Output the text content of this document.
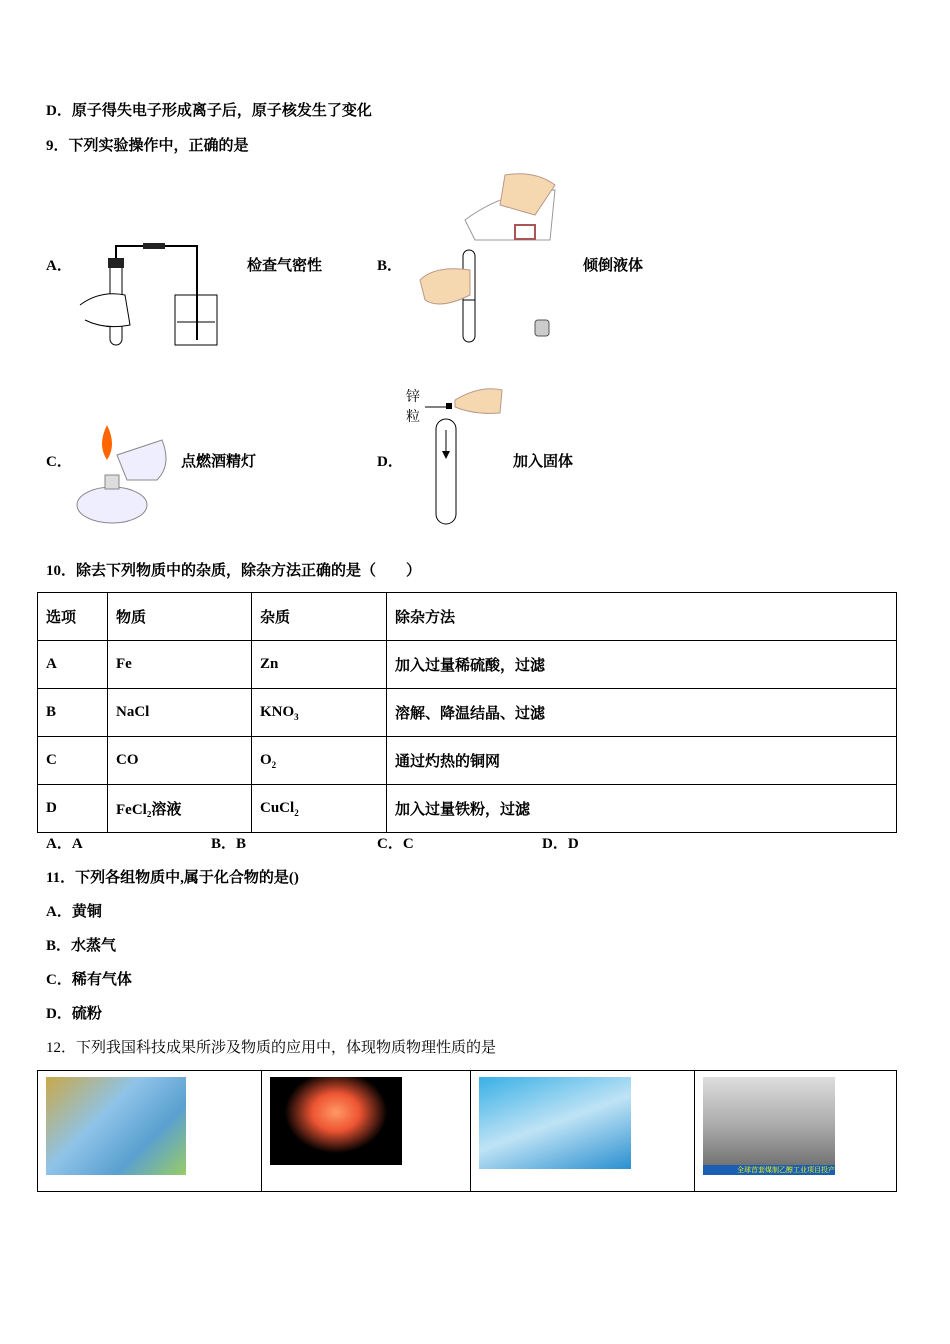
D．原子得失电子形成离子后，原子核发生了变化
9．下列实验操作中，正确的是
A．	检查气密性	B．	倾倒液体
C．	点燃酒精灯	D．
锌粒
加入固体
10．除去下列物质中的杂质，除杂方法正确的是（　　）
选项	物质	杂质	除杂方法
A	Fe	Zn	加入过量稀硫酸，过滤
B	NaCl	$KNO_3$	溶解、降温结晶、过滤
C	CO	$O_2$	通过灼热的铜网
D	FeCl₂溶液	CuCl$_2$	加入过量铁粉，过滤
A．A	B．B	C．C	D．D
11．下列各组物质中,属于化合物的是()
A．黄铜
B．水蒸气
C．稀有气体
D．硫粉
12．下列我国科技成果所涉及物质的应用中，体现物质物理性质的是

全球首套煤制乙醇工业项目投产
